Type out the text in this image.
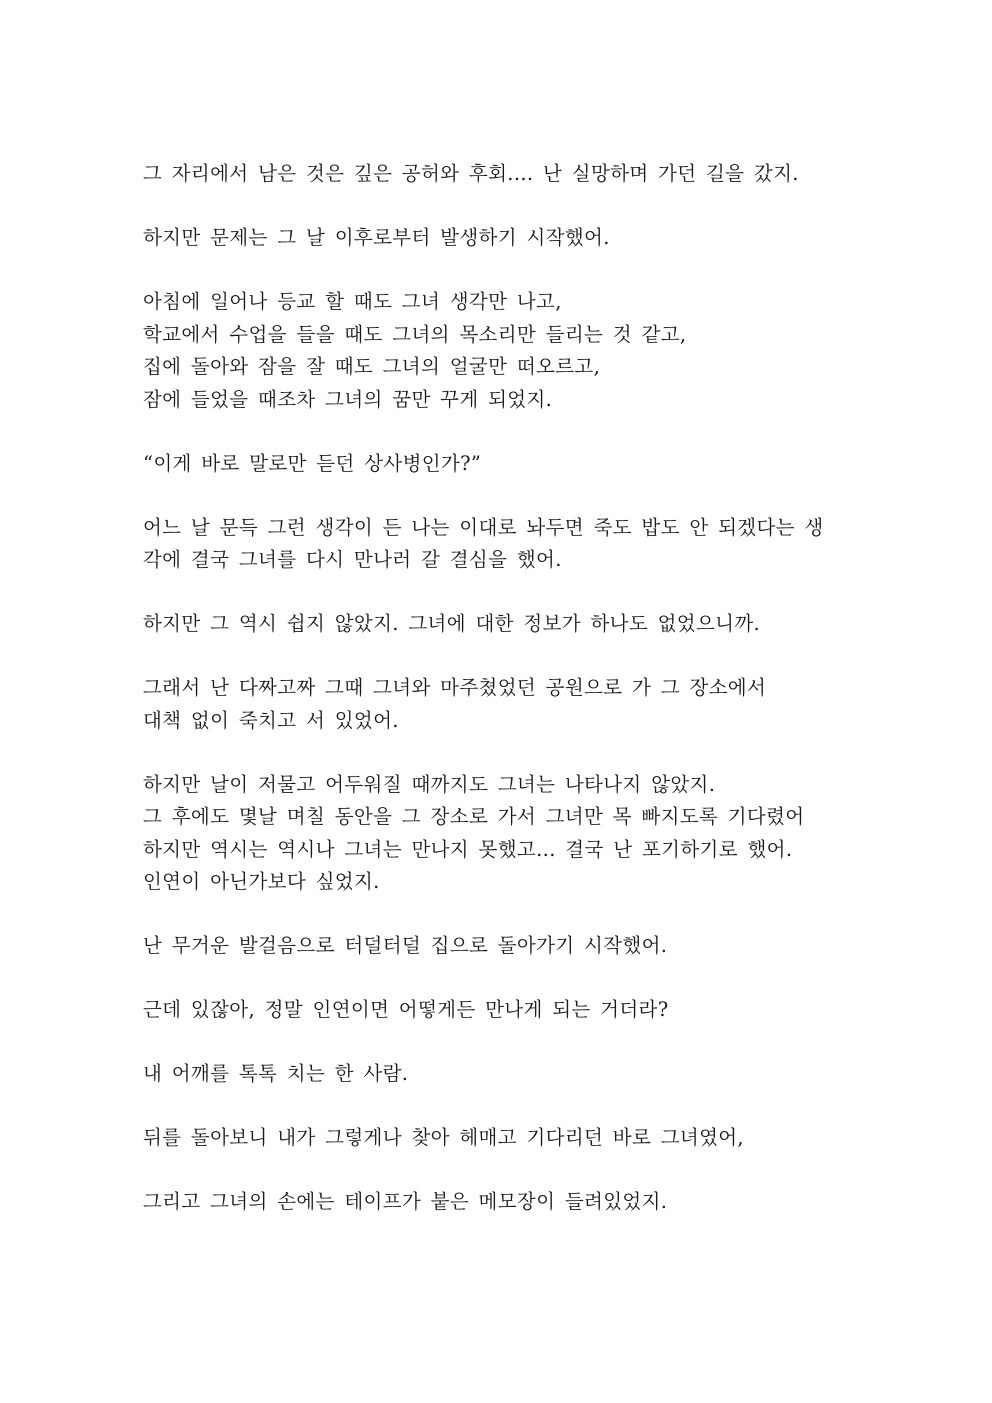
그 자리에서 남은 것은 깊은 공허와 후회.... 난 실망하며 가던 길을 갔지.
하지만 문제는 그 날 이후로부터 발생하기 시작했어.
아침에 일어나 등교 할 때도 그녀 생각만 나고,
학교에서 수업을 들을 때도 그녀의 목소리만 들리는 것 같고,
집에 돌아와 잠을 잘 때도 그녀의 얼굴만 떠오르고,
잠에 들었을 때조차 그녀의 꿈만 꾸게 되었지.
“이게 바로 말로만 듣던 상사병인가?”
어느 날 문득 그런 생각이 든 나는 이대로 놔두면 죽도 밥도 안 되겠다는 생
각에 결국 그녀를 다시 만나러 갈 결심을 했어.
하지만 그 역시 쉽지 않았지. 그녀에 대한 정보가 하나도 없었으니까.
그래서 난 다짜고짜 그때 그녀와 마주쳤었던 공원으로 가 그 장소에서
대책 없이 죽치고 서 있었어.
하지만 날이 저물고 어두워질 때까지도 그녀는 나타나지 않았지.
그 후에도 몇날 며칠 동안을 그 장소로 가서 그녀만 목 빠지도록 기다렸어
하지만 역시는 역시나 그녀는 만나지 못했고... 결국 난 포기하기로 했어.
인연이 아닌가보다 싶었지.
난 무거운 발걸음으로 터덜터덜 집으로 돌아가기 시작했어.
근데 있잖아, 정말 인연이면 어떻게든 만나게 되는 거더라?
내 어깨를 톡톡 치는 한 사람.
뒤를 돌아보니 내가 그렇게나 찾아 헤매고 기다리던 바로 그녀였어,
그리고 그녀의 손에는 테이프가 붙은 메모장이 들려있었지.
